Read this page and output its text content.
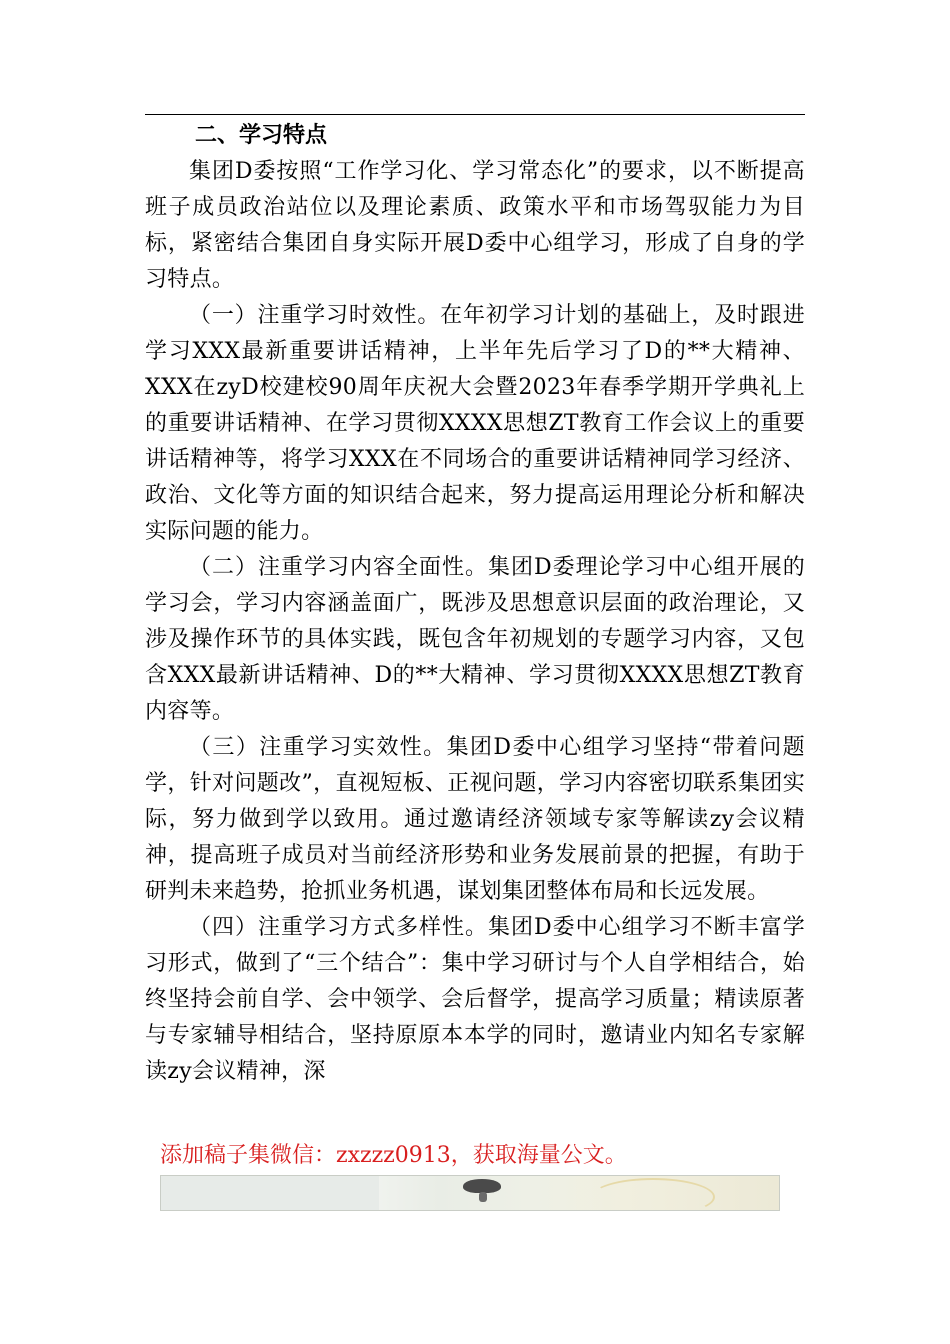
二、学习特点

集团D委按照“工作学习化、学习常态化”的要求，以不断提高班子成员政治站位以及理论素质、政策水平和市场驾驭能力为目标，紧密结合集团自身实际开展D委中心组学习，形成了自身的学习特点。

（一）注重学习时效性。在年初学习计划的基础上，及时跟进学习XXX最新重要讲话精神，上半年先后学习了D的**大精神、XXX在zyD校建校90周年庆祝大会暨2023年春季学期开学典礼上的重要讲话精神、在学习贯彻XXXX思想ZT教育工作会议上的重要讲话精神等，将学习XXX在不同场合的重要讲话精神同学习经济、政治、文化等方面的知识结合起来，努力提高运用理论分析和解决实际问题的能力。

（二）注重学习内容全面性。集团D委理论学习中心组开展的学习会，学习内容涵盖面广，既涉及思想意识层面的政治理论，又涉及操作环节的具体实践，既包含年初规划的专题学习内容，又包含XXX最新讲话精神、D的**大精神、学习贯彻XXXX思想ZT教育内容等。

（三）注重学习实效性。集团D委中心组学习坚持“带着问题学，针对问题改”，直视短板、正视问题，学习内容密切联系集团实际，努力做到学以致用。通过邀请经济领域专家等解读zy会议精神，提高班子成员对当前经济形势和业务发展前景的把握，有助于研判未来趋势，抢抓业务机遇，谋划集团整体布局和长远发展。

（四）注重学习方式多样性。集团D委中心组学习不断丰富学习形式，做到了“三个结合”：集中学习研讨与个人自学相结合，始终坚持会前自学、会中领学、会后督学，提高学习质量；精读原著与专家辅导相结合，坚持原原本本学的同时，邀请业内知名专家解读zy会议精神，深

添加稿子集微信：zxzzz0913，获取海量公文。
